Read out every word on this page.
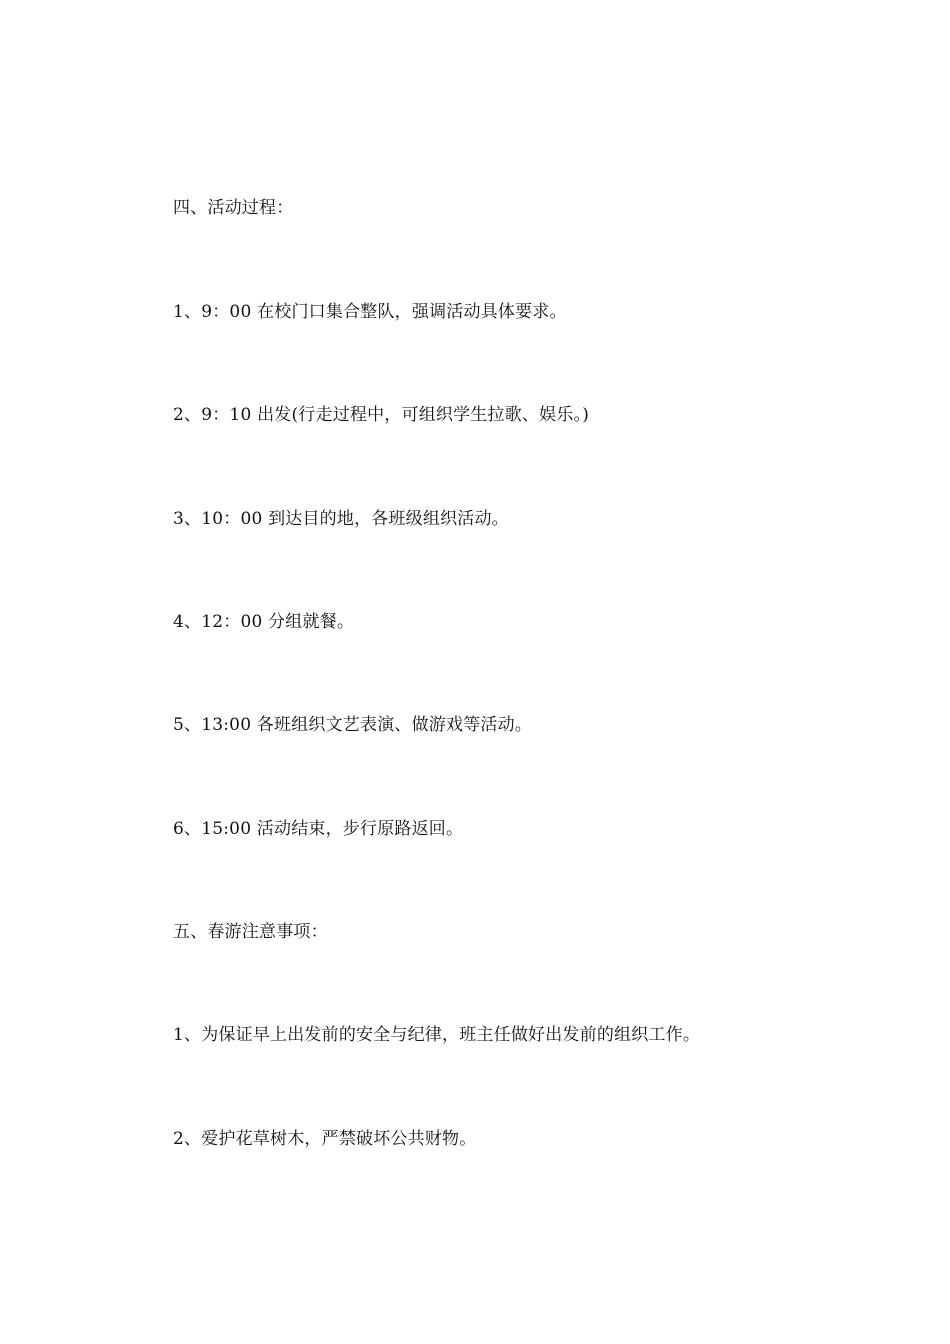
四、活动过程：
1、9：00 在校门口集合整队，强调活动具体要求。
2、9：10 出发(行走过程中，可组织学生拉歌、娱乐。)
3、10：00 到达目的地，各班级组织活动。
4、12：00 分组就餐。
5、13:00 各班组织文艺表演、做游戏等活动。
6、15:00 活动结束，步行原路返回。
五、春游注意事项：
1、为保证早上出发前的安全与纪律，班主任做好出发前的组织工作。
2、爱护花草树木，严禁破坏公共财物。
